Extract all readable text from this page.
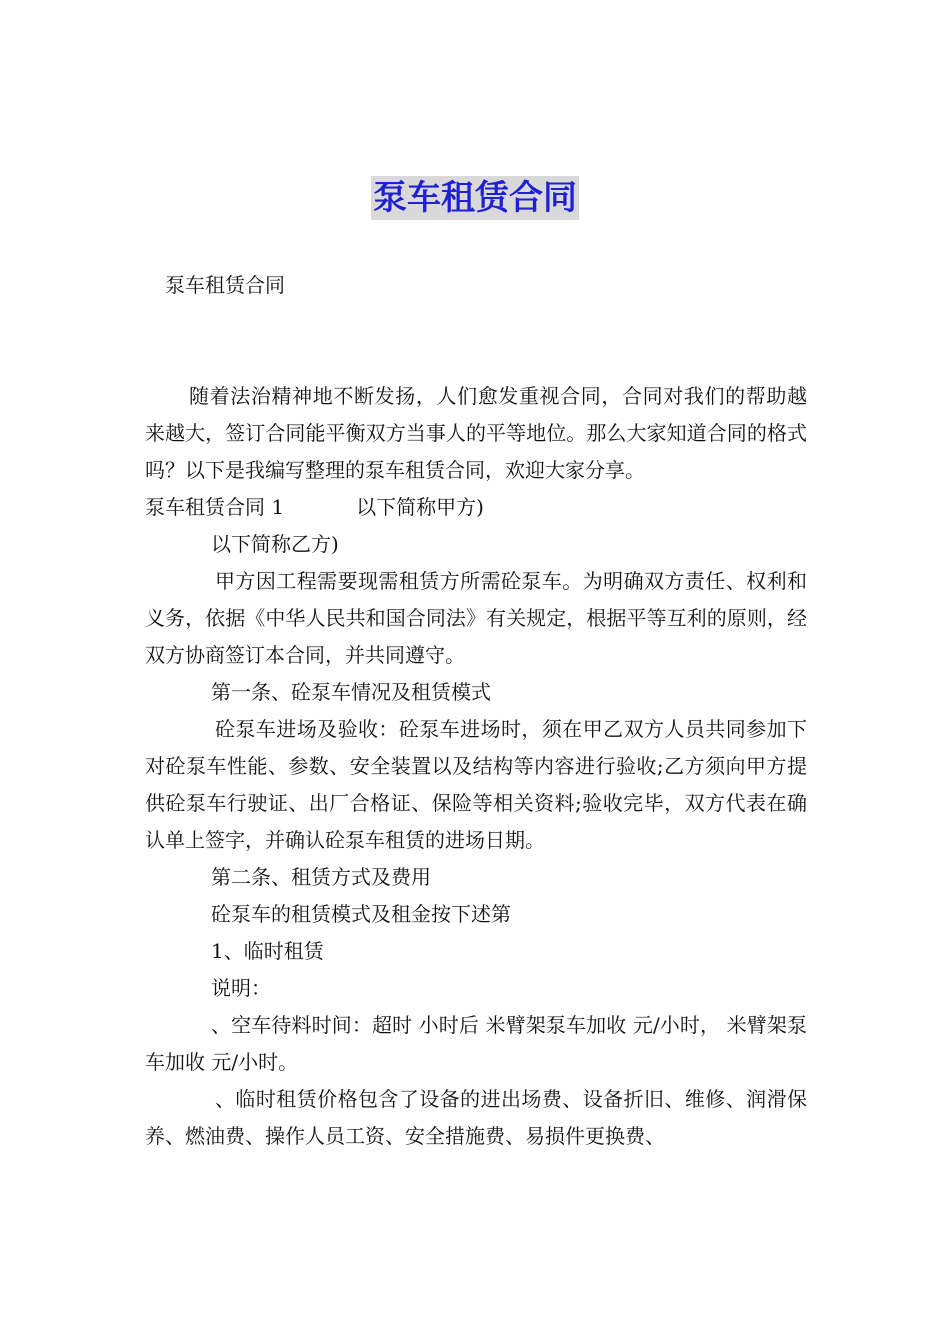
泵车租赁合同
泵车租赁合同

随着法治精神地不断发扬，人们愈发重视合同，合同对我们的帮助越来越大，签订合同能平衡双方当事人的平等地位。那么大家知道合同的格式吗？以下是我编写整理的泵车租赁合同，欢迎大家分享。

泵车租赁合同 1	以下简称甲方)

以下简称乙方)

甲方因工程需要现需租赁方所需砼泵车。为明确双方责任、权利和义务，依据《中华人民共和国合同法》有关规定，根据平等互利的原则，经双方协商签订本合同，并共同遵守。

第一条、砼泵车情况及租赁模式

砼泵车进场及验收：砼泵车进场时，须在甲乙双方人员共同参加下对砼泵车性能、参数、安全装置以及结构等内容进行验收;乙方须向甲方提供砼泵车行驶证、出厂合格证、保险等相关资料;验收完毕，双方代表在确认单上签字，并确认砼泵车租赁的进场日期。

第二条、租赁方式及费用

砼泵车的租赁模式及租金按下述第

1、临时租赁

说明：

、空车待料时间：超时 小时后 米臂架泵车加收 元/小时， 米臂架泵车加收 元/小时。

、临时租赁价格包含了设备的进出场费、设备折旧、维修、润滑保养、燃油费、操作人员工资、安全措施费、易损件更换费、
